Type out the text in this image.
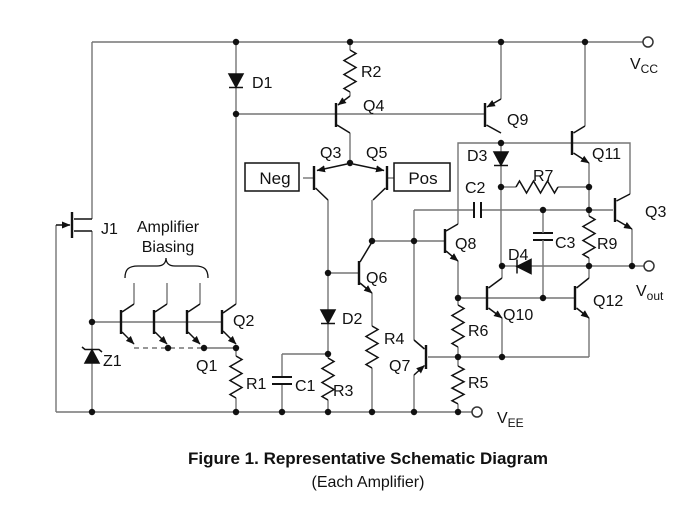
$V_{CC}$
$V_{EE}$
$V_{out}$
J1 Amplifier
Biasing
Z1	Q1
Q2
R1 C1 R3
D2
D1
R2
Q4
Q3 Q5
Neg	Pos
Q6
R4
Q7
Q8
R6
R5
Q9
D3
C2
R7
Q11
Q3
D4
C3 R9
Q10
Q12
Figure 1. Representative Schematic Diagram
(Each Amplifier)
